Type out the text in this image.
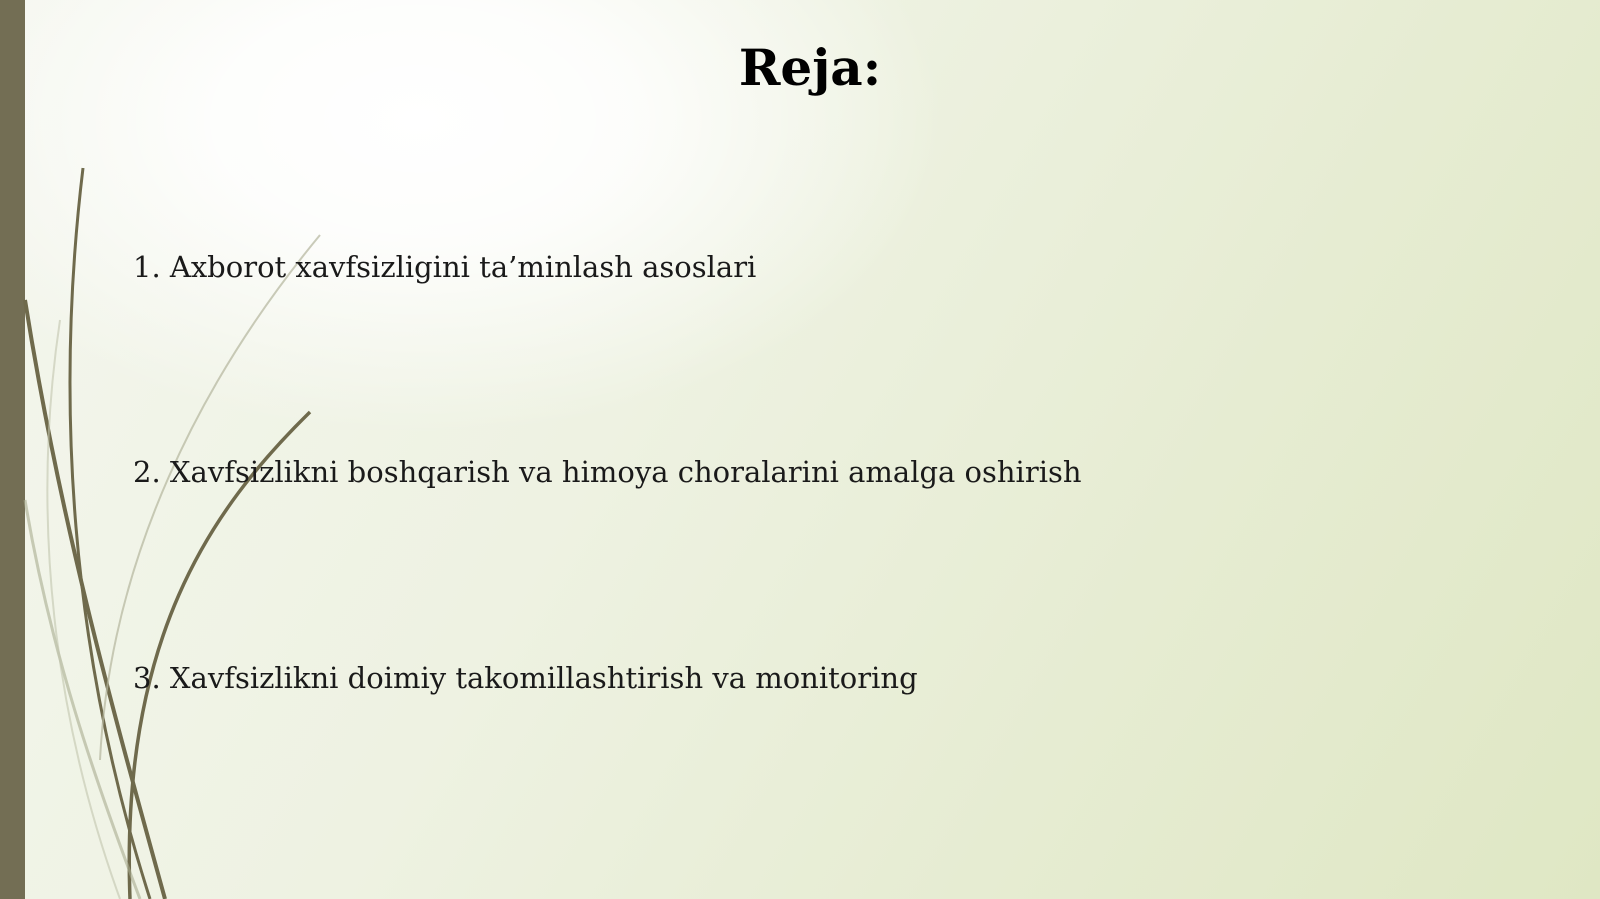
Reja:
1. Axborot xavfsizligini ta’minlash asoslari
2. Xavfsizlikni boshqarish va himoya choralarini amalga oshirish
3. Xavfsizlikni doimiy takomillashtirish va monitoring
